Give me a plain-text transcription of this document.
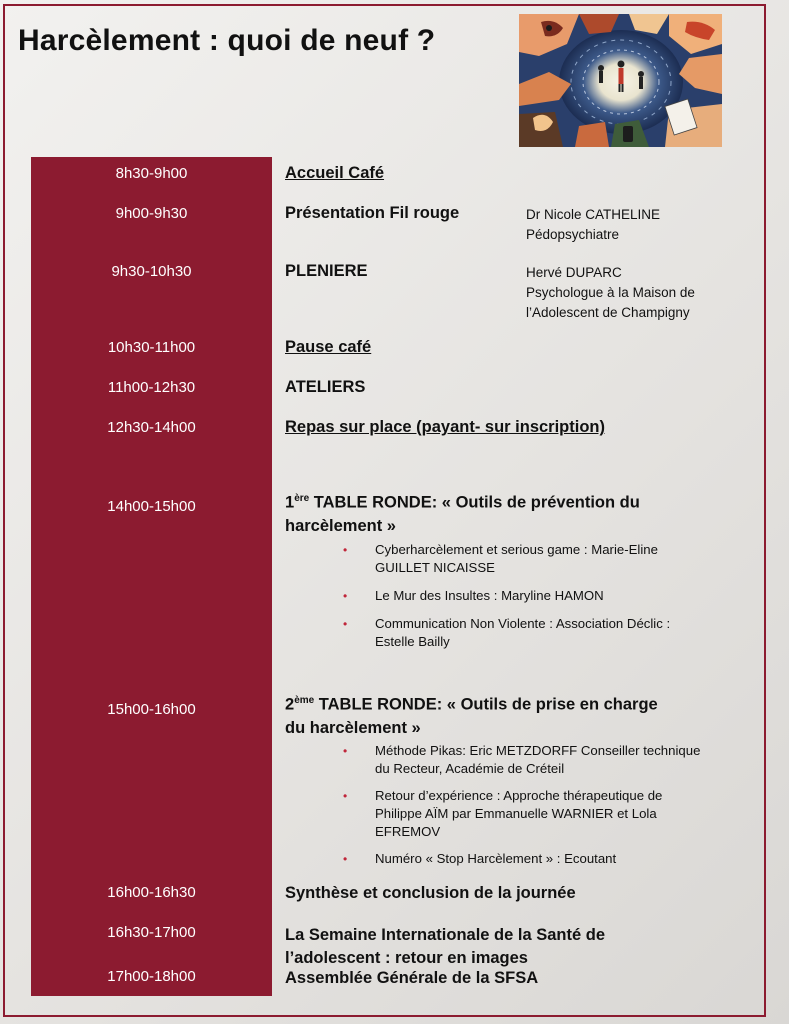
Harcèlement : quoi de neuf ?
8h30-9h00
9h00-9h30
9h30-10h30
10h30-11h00
11h00-12h30
12h30-14h00
14h00-15h00
15h00-16h00
16h00-16h30
16h30-17h00
17h00-18h00
Accueil Café
Présentation Fil rouge
PLENIERE
Pause café
ATELIERS
Repas sur place (payant- sur inscription)
Synthèse et conclusion de la journée
La Semaine Internationale de la Santé de
l’adolescent : retour en images
Assemblée Générale de la SFSA
Dr Nicole CATHELINE
Pédopsychiatre
Hervé DUPARC
Psychologue à la Maison de
l’Adolescent de Champigny
1ère TABLE RONDE: « Outils de prévention du
harcèlement »
• Cyberharcèlement et serious game : Marie-Eline
GUILLET NICAISSE
• Le Mur des Insultes : Maryline HAMON
• Communication Non Violente : Association Déclic :
Estelle Bailly
2ème TABLE RONDE: « Outils de prise en charge
du harcèlement »
• Méthode Pikas: Eric METZDORFF Conseiller technique
du Recteur, Académie de Créteil
• Retour d’expérience : Approche thérapeutique de
Philippe AÏM par Emmanuelle WARNIER et Lola
EFREMOV
• Numéro « Stop Harcèlement » : Ecoutant
